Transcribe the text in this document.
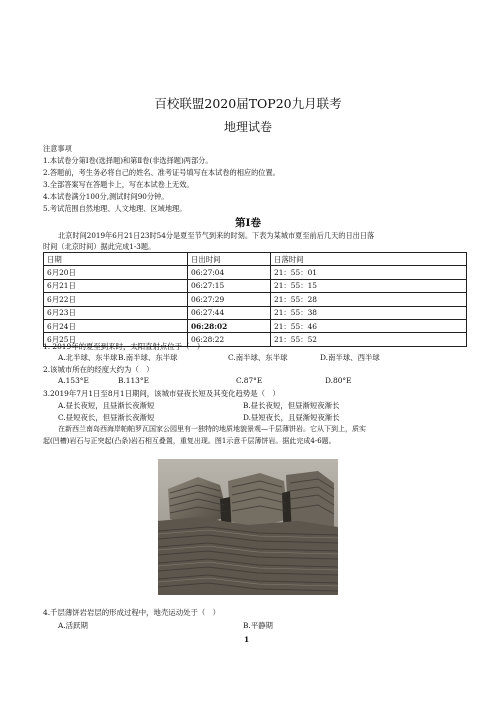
百校联盟2020届TOP20九月联考
地理试卷
注意事项
1.本试卷分第Ⅰ卷(选择题)和第Ⅱ卷(非选择题)两部分。
2.答题前，考生务必将自己的姓名、准考证号填写在本试卷的相应的位置。
3.全部答案写在答题卡上，写在本试卷上无效。
4.本试卷满分100分,测试时间90分钟。
5.考试范围自然地理、人文地理、区域地理。
第Ⅰ卷
北京时间2019年6月21日23时54分是夏至节气到来的时刻。下表为某城市夏至前后几天的日出日落
时间（北京时间）据此完成1-3题。
日期	日出时间	日落时间
6月20日	06:27:04	21：55：01
6月21日	06:27:15	21：55：15
6月22日	06:27:29	21：55：28
6月23日	06:27:44	21：55：38
6月24日	06:28:02	21：55：46
6月25日	06:28:22	21：55：52
1. 2019年的夏至到来时，太阳直射点位于（　）
A.北半球、东半球 B.南半球、东半球	C.南半球、东半球	D.南半球、西半球
2.该城市所在的经度大约为（　）
A.153°E	B.113°E	C.87°E	D.80°E
3.2019年7月1日至8月1日期间，该城市昼夜长短及其变化趋势是（　）
A.昼长夜短，且昼渐长夜渐短	B.昼长夜短，但昼渐短夜渐长
C.昼短夜长，但昼渐长夜渐短	D.昼短夜长，且昼渐短夜渐长
在新西兰南岛西海岸帕帕罗瓦国家公园里有一独特的地质地貌景观—千层薄饼岩。它从下到上，质实
起(凹槽)岩石与正突起(凸条)岩石相互叠置，重复出现。图1示意千层薄饼岩。据此完成4-6题。
4.千层薄饼岩岩层的形成过程中，地壳运动处于（　）
A.活跃期	B.平静期
1
